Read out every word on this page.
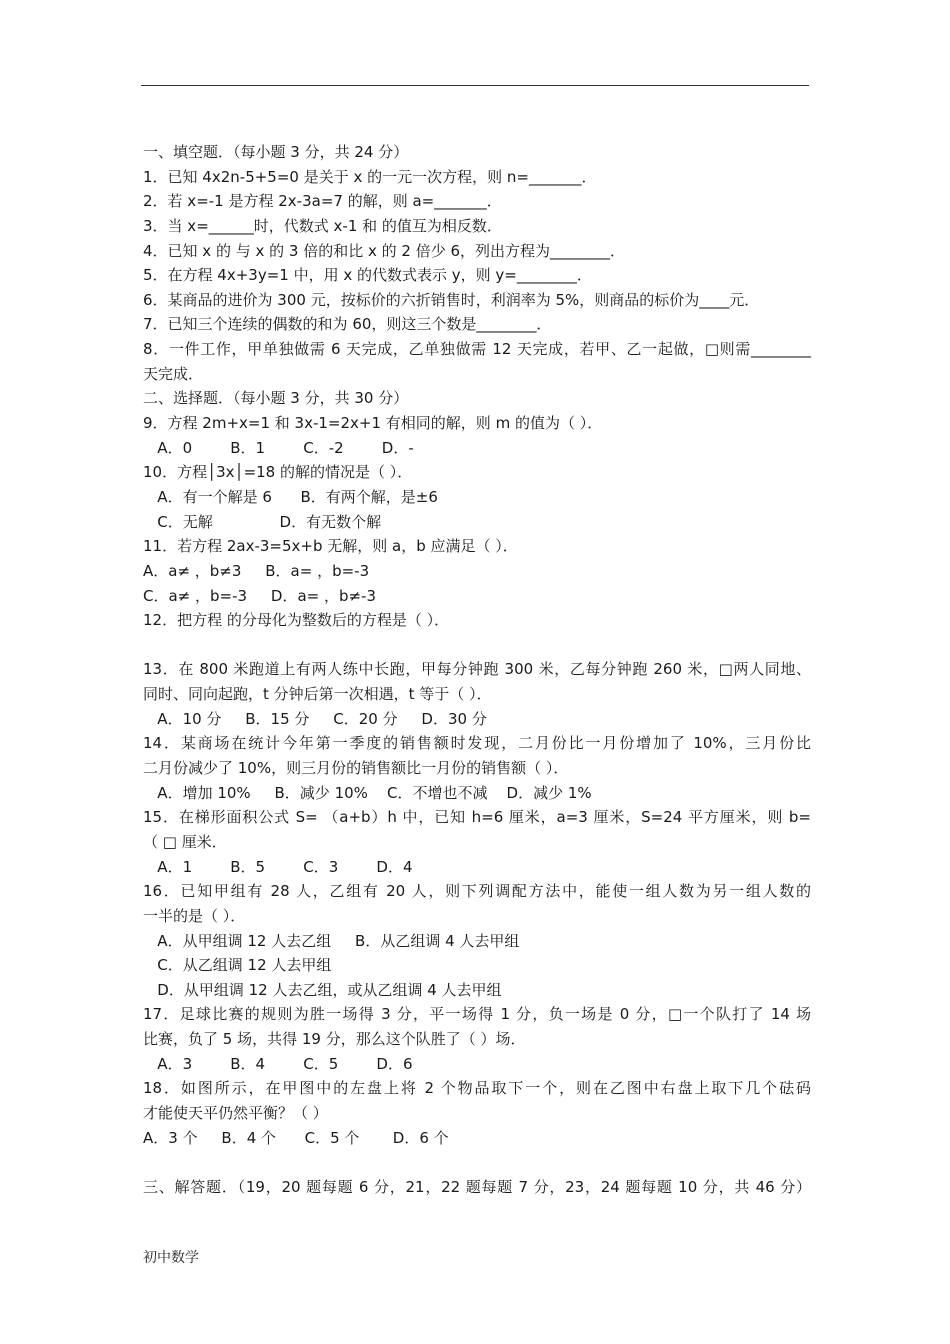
一、填空题．（每小题 3 分，共 24 分）
1．已知 4x2n-5+5=0 是关于 x 的一元一次方程，则 n=_______．
2．若 x=-1 是方程 2x-3a=7 的解，则 a=_______．
3．当 x=______时，代数式 x-1 和 的值互为相反数．
4．已知 x 的 与 x 的 3 倍的和比 x 的 2 倍少 6，列出方程为________．
5．在方程 4x+3y=1 中，用 x 的代数式表示 y，则 y=________．
6．某商品的进价为 300 元，按标价的六折销售时，利润率为 5%，则商品的标价为____元．
7．已知三个连续的偶数的和为 60，则这三个数是________．
8．一件工作，甲单独做需 6 天完成，乙单独做需 12 天完成，若甲、乙一起做，□则需________
天完成．
二、选择题．（每小题 3 分，共 30 分）
9．方程 2m+x=1 和 3x-1=2x+1 有相同的解，则 m 的值为（ ）．
A．0        B．1        C．-2        D．-
10．方程│3x│=18 的解的情况是（ ）．
A．有一个解是 6      B．有两个解，是±6
C．无解              D．有无数个解
11．若方程 2ax-3=5x+b 无解，则 a，b 应满足（ ）．
A．a≠ ，b≠3     B．a= ，b=-3
C．a≠ ，b=-3     D．a= ，b≠-3
12．把方程 的分母化为整数后的方程是（ ）．
13．在 800 米跑道上有两人练中长跑，甲每分钟跑 300 米，乙每分钟跑 260 米，□两人同地、
同时、同向起跑，t 分钟后第一次相遇，t 等于（ ）．
A．10 分     B．15 分     C．20 分     D．30 分
14．某商场在统计今年第一季度的销售额时发现，二月份比一月份增加了 10%，三月份比
二月份减少了 10%，则三月份的销售额比一月份的销售额（ ）．
A．增加 10%     B．减少 10%    C．不增也不减    D．减少 1%
15．在梯形面积公式 S= （a+b）h 中，已知 h=6 厘米，a=3 厘米，S=24 平方厘米，则 b=
（ □ 厘米．
A．1        B．5        C．3        D．4
16．已知甲组有 28 人，乙组有 20 人，则下列调配方法中，能使一组人数为另一组人数的
一半的是（ ）．
A．从甲组调 12 人去乙组     B．从乙组调 4 人去甲组
C．从乙组调 12 人去甲组
D．从甲组调 12 人去乙组，或从乙组调 4 人去甲组
17．足球比赛的规则为胜一场得 3 分，平一场得 1 分，负一场是 0 分，□一个队打了 14 场
比赛，负了 5 场，共得 19 分，那么这个队胜了（ ）场．
A．3        B．4        C．5        D．6
18．如图所示，在甲图中的左盘上将 2 个物品取下一个，则在乙图中右盘上取下几个砝码
才能使天平仍然平衡？（ ）
A．3 个     B．4 个      C．5 个       D．6 个
三、解答题．（19，20 题每题 6 分，21，22 题每题 7 分，23，24 题每题 10 分，共 46 分）
初中数学
